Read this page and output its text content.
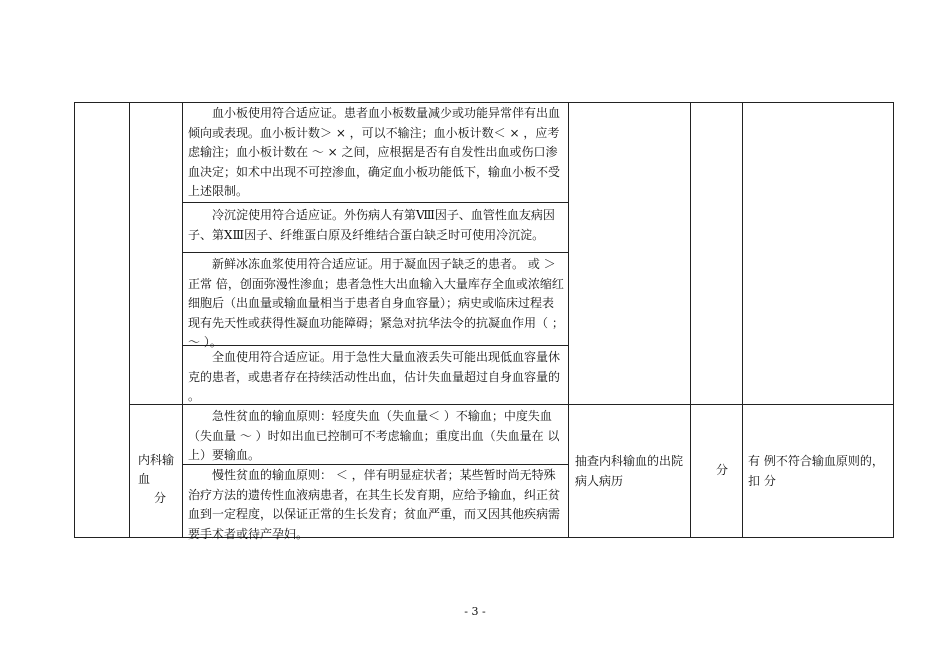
血小板使用符合适应证。患者血小板数量减少或功能异常伴有出血倾向或表现。血小板计数＞ × ，可以不输注；血小板计数＜ × ，应考虑输注；血小板计数在 ～ × 之间，应根据是否有自发性出血或伤口渗血决定；如术中出现不可控渗血，确定血小板功能低下，输血小板不受上述限制。
冷沉淀使用符合适应证。外伤病人有第Ⅷ因子、血管性血友病因子、第ⅩⅢ因子、纤维蛋白原及纤维结合蛋白缺乏时可使用冷沉淀。
新鲜冰冻血浆使用符合适应证。用于凝血因子缺乏的患者。 或 ＞正常 倍，创面弥漫性渗血；患者急性大出血输入大量库存全血或浓缩红细胞后（出血量或输血量相当于患者自身血容量）；病史或临床过程表现有先天性或获得性凝血功能障碍；紧急对抗华法令的抗凝血作用（ ； ～ ）。
全血使用符合适应证。用于急性大量血液丢失可能出现低血容量休克的患者，或患者存在持续活动性出血，估计失血量超过自身血容量的 。
急性贫血的输血原则：轻度失血（失血量＜ ）不输血；中度失血（失血量 ～ ）时如出血已控制可不考虑输血；重度出血（失血量在 以上）要输血。
慢性贫血的输血原则： ＜ ，伴有明显症状者；某些暂时尚无特殊治疗方法的遗传性血液病患者，在其生长发育期，应给予输血，纠正贫血到一定程度，以保证正常的生长发育；贫血严重，而又因其他疾病需要手术者或待产孕妇。
内科输血
分
抽查内科输血的出院病人病历
分
有 例不符合输血原则的，扣 分
- 3 -
